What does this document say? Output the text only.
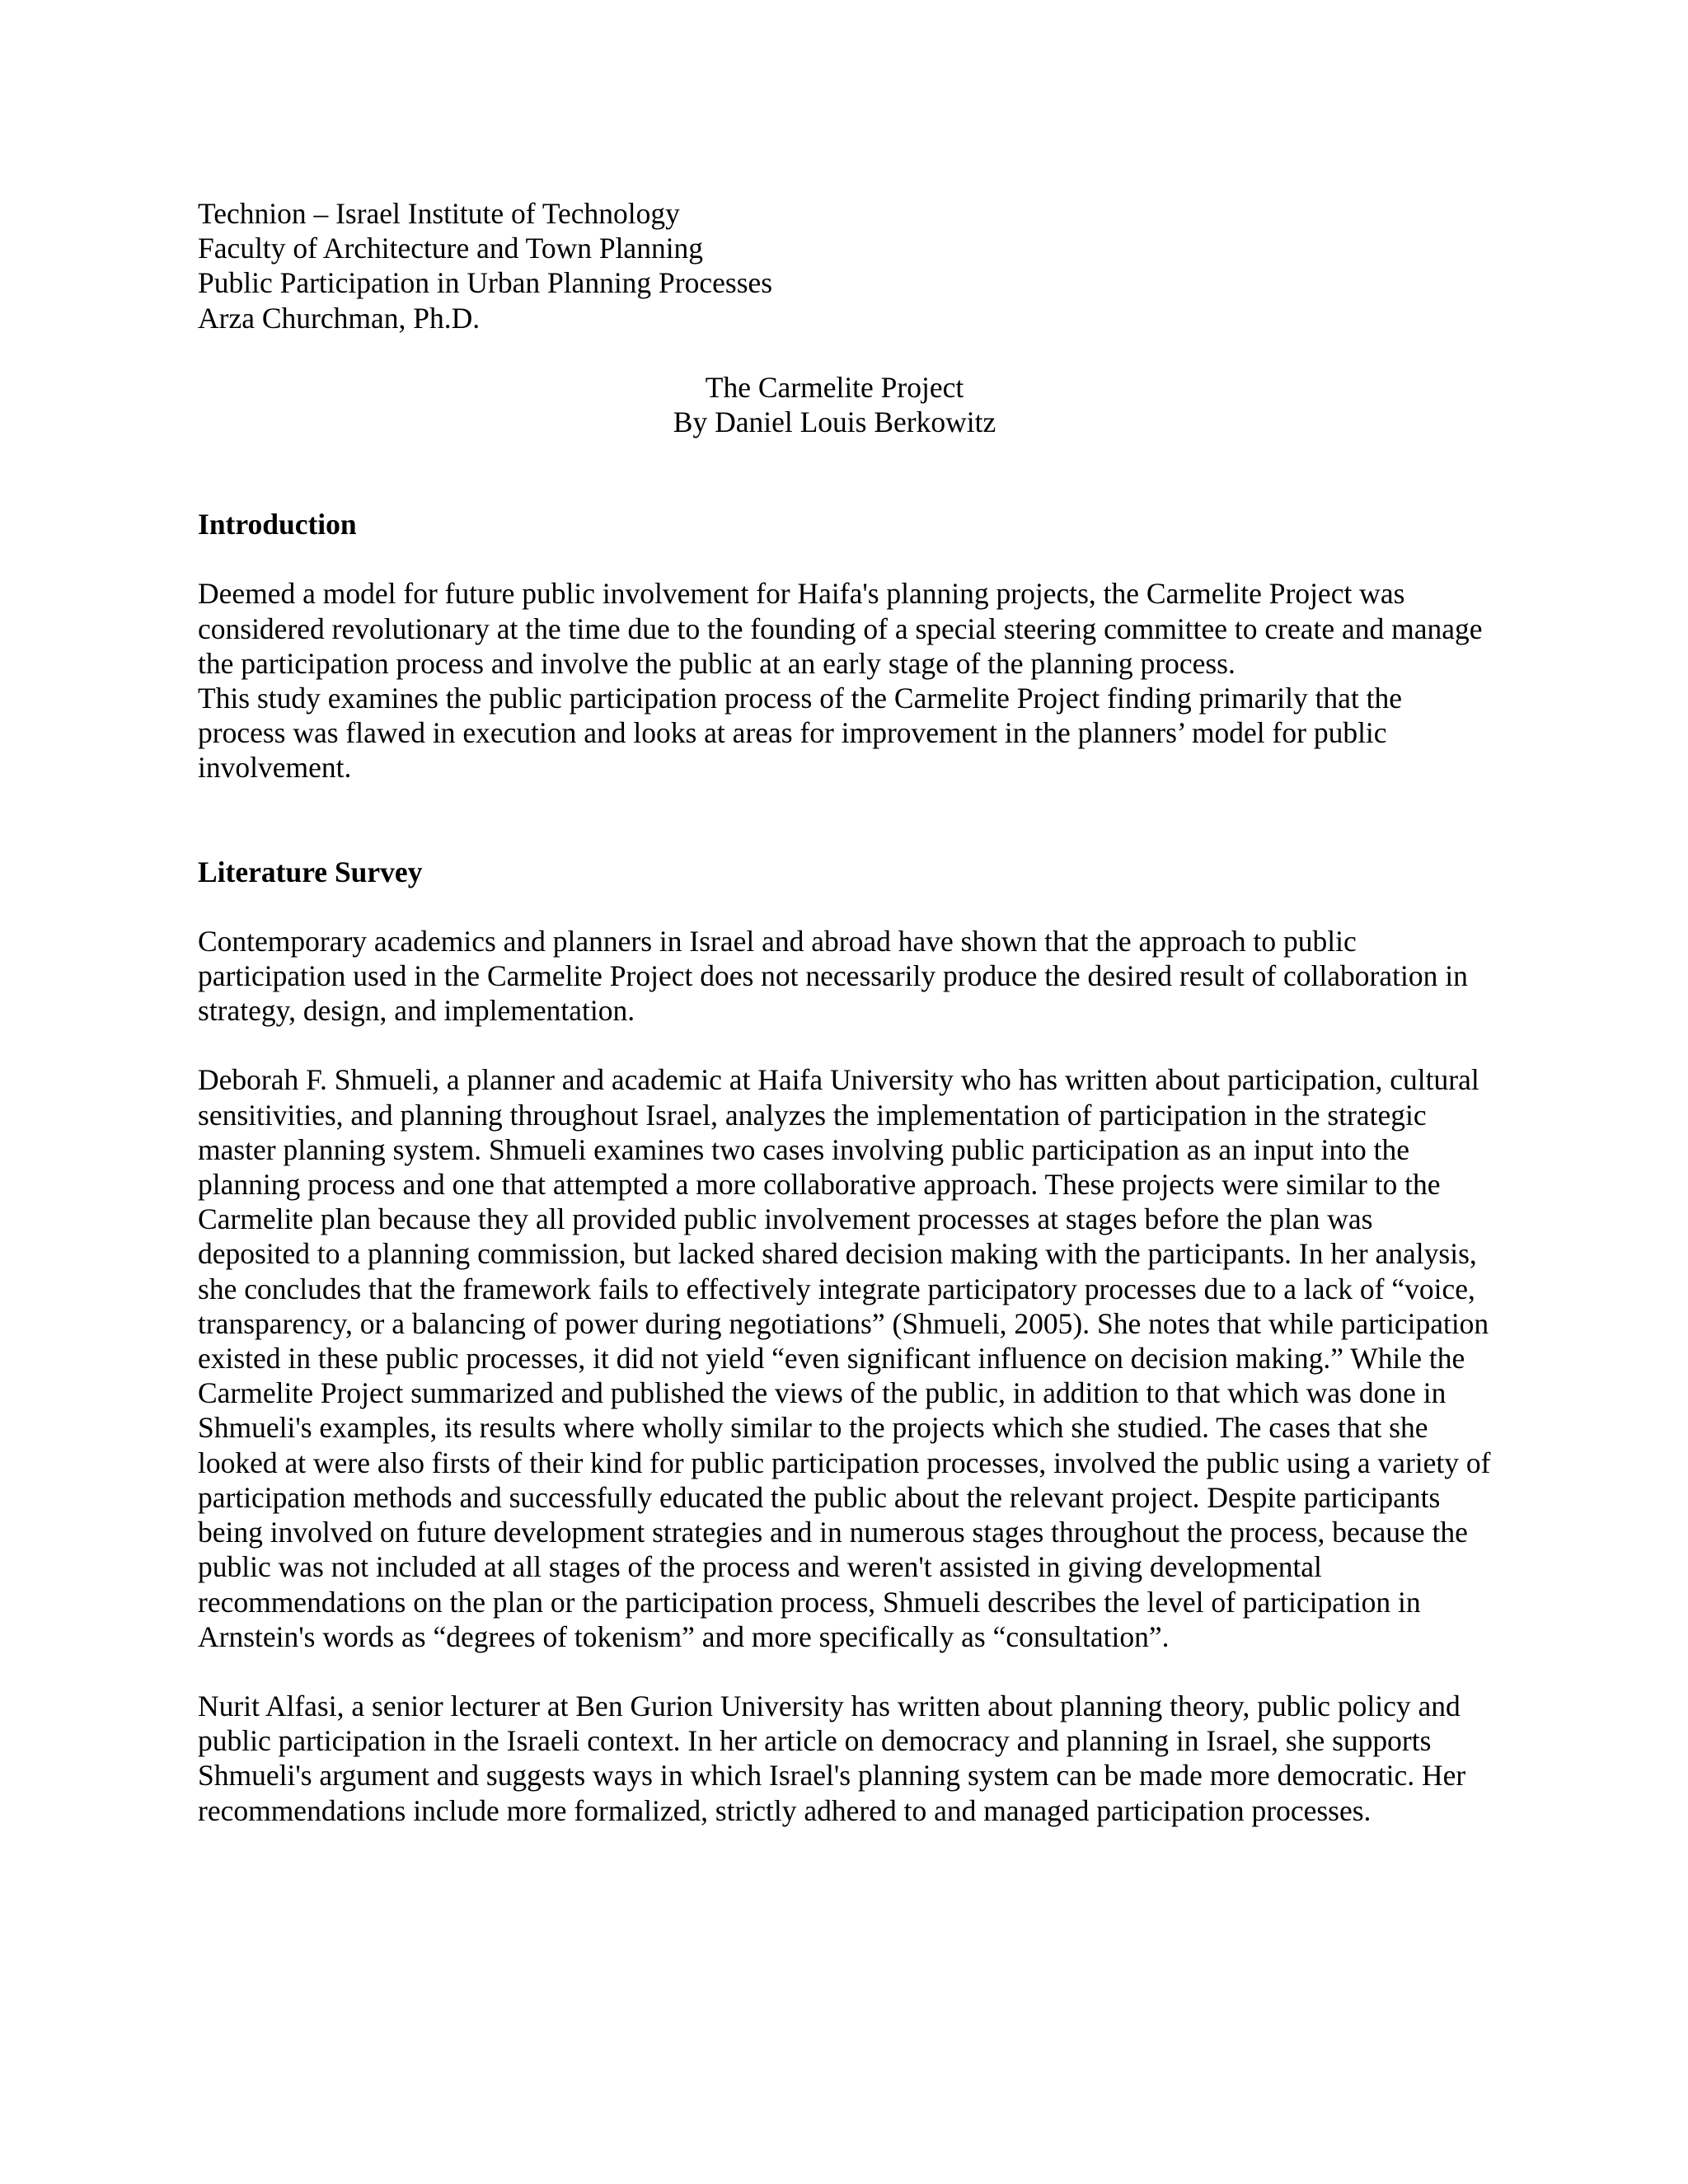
Technion – Israel Institute of Technology
Faculty of Architecture and Town Planning
Public Participation in Urban Planning Processes
Arza Churchman, Ph.D.
The Carmelite Project
By Daniel Louis Berkowitz
Introduction

Deemed a model for future public involvement for Haifa's planning projects, the Carmelite Project was considered revolutionary at the time due to the founding of a special steering committee to create and manage the participation process and involve the public at an early stage of the planning process.

This study examines the public participation process of the Carmelite Project finding primarily that the process was flawed in execution and looks at areas for improvement in the planners’ model for public involvement.

Literature Survey

Contemporary academics and planners in Israel and abroad have shown that the approach to public participation used in the Carmelite Project does not necessarily produce the desired result of collaboration in strategy, design, and implementation.

Deborah F. Shmueli, a planner and academic at Haifa University who has written about participation, cultural sensitivities, and planning throughout Israel, analyzes the implementation of participation in the strategic master planning system. Shmueli examines two cases involving public participation as an input into the planning process and one that attempted a more collaborative approach. These projects were similar to the Carmelite plan because they all provided public involvement processes at stages before the plan was deposited to a planning commission, but lacked shared decision making with the participants. In her analysis, she concludes that the framework fails to effectively integrate participatory processes due to a lack of “voice, transparency, or a balancing of power during negotiations” (Shmueli, 2005). She notes that while participation existed in these public processes, it did not yield “even significant influence on decision making.” While the Carmelite Project summarized and published the views of the public, in addition to that which was done in Shmueli's examples, its results where wholly similar to the projects which she studied. The cases that she looked at were also firsts of their kind for public participation processes, involved the public using a variety of participation methods and successfully educated the public about the relevant project. Despite participants being involved on future development strategies and in numerous stages throughout the process, because the public was not included at all stages of the process and weren't assisted in giving developmental recommendations on the plan or the participation process, Shmueli describes the level of participation in Arnstein's words as “degrees of tokenism” and more specifically as “consultation”.

Nurit Alfasi, a senior lecturer at Ben Gurion University has written about planning theory, public policy and public participation in the Israeli context. In her article on democracy and planning in Israel, she supports Shmueli's argument and suggests ways in which Israel's planning system can be made more democratic. Her recommendations include more formalized, strictly adhered to and managed participation processes.
